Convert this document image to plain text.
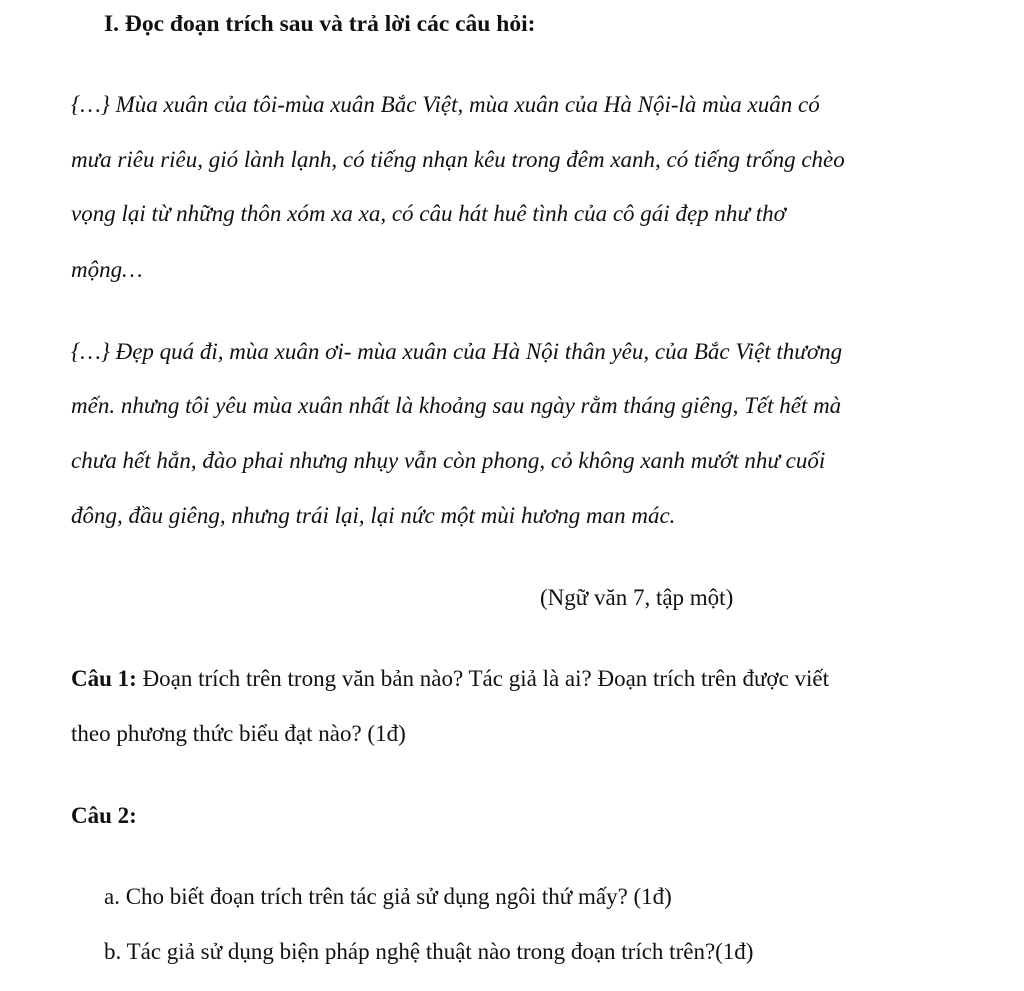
I. Đọc đoạn trích sau và trả lời các câu hỏi:
{…} Mùa xuân của tôi-mùa xuân Bắc Việt, mùa xuân của Hà Nội-là mùa xuân có
mưa riêu riêu, gió lành lạnh, có tiếng nhạn kêu trong đêm xanh, có tiếng trống chèo
vọng lại từ những thôn xóm xa xa, có câu hát huê tình của cô gái đẹp như thơ
mộng…
{…} Đẹp quá đi, mùa xuân ơi- mùa xuân của Hà Nội thân yêu, của Bắc Việt thương
mến. nhưng tôi yêu mùa xuân nhất là khoảng sau ngày rằm tháng giêng, Tết hết mà
chưa hết hẳn, đào phai nhưng nhụy vẫn còn phong, cỏ không xanh mướt như cuối
đông, đầu giêng, nhưng trái lại, lại nức một mùi hương man mác.
(Ngữ văn 7, tập một)
Câu 1: Đoạn trích trên trong văn bản nào? Tác giả là ai? Đoạn trích trên được viết
theo phương thức biểu đạt nào? (1đ)
Câu 2:
a. Cho biết đoạn trích trên tác giả sử dụng ngôi thứ mấy? (1đ)
b. Tác giả sử dụng biện pháp nghệ thuật nào trong đoạn trích trên?(1đ)
